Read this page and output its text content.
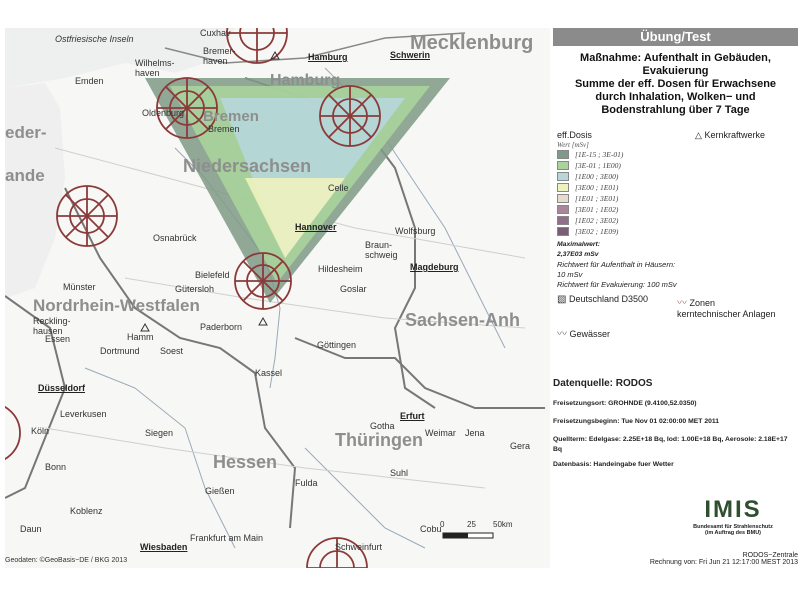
Mecklenburg
Hamburg
Bremen
Niedersachsen
Nordrhein-Westfalen
Sachsen-Anh
Thüringen
Hessen
eder-
ande
Cuxhav
Ostfriesische Inseln
Emden
Wilhelms-
haven
Bremer-
haven	Hamburg	Schwerin
Oldenburg
Bremen
Celle
Osnabrück
Hannover	Wolfsburg
Braun-
schweig
Magdeburg
Bielefeld
Gütersloh
Hildesheim
Goslar
Münster
Reckling-
hausen
Hamm
Paderborn
Essen
Dortmund Soest
Göttingen
Düsseldorf
Kassel
Leverkusen
Köln	Siegen
Gotha
Erfurt
Weimar Jena
Bonn
Gießen
Fulda
Suhl
Gera
Koblenz
Daun
Wiesbaden
Frankfurt am Main
Schweinfurt
Cobu
0	25 50km
Geodaten: ©GeoBasis−DE / BKG 2013
Übung/Test
Maßnahme: Aufenthalt in Gebäuden,
Evakuierung
Summe der eff. Dosen für Erwachsene
durch Inhalation, Wolken− und
Bodenstrahlung über 7 Tage
eff.Dosis	△ Kernkraftwerke
Wert [mSv]
[1E-15 ; 3E-01)
[3E-01 ; 1E00)
[1E00 ; 3E00)
[3E00 ; 1E01)
[1E01 ; 3E01)
[3E01 ; 1E02)
[1E02 ; 3E02)
[3E02 ; 1E09)
Maximalwert:
2,37E03 mSv
Richtwert für Aufenthalt in Häusern:
10 mSv
Richtwert für Evakuierung: 100 mSv
▧ Deutschland D3500	〰 Zonen
kerntechnischer Anlagen
〰 Gewässer
Datenquelle: RODOS
Freisetzungsort: GROHNDE (9.4100,52.0350)
Freisetzungsbeginn: Tue Nov 01 02:00:00 MET 2011
Quellterm: Edelgase: 2.25E+18 Bq, Iod: 1.00E+18 Bq, Aerosole: 2.18E+17 Bq
Datenbasis: Handeingabe fuer Wetter
IMIS
Bundesamt für Strahlenschutz
(im Auftrag des BMU)
RODOS−Zentrale
Rechnung von: Fri Jun 21 12:17:00 MEST 2013
